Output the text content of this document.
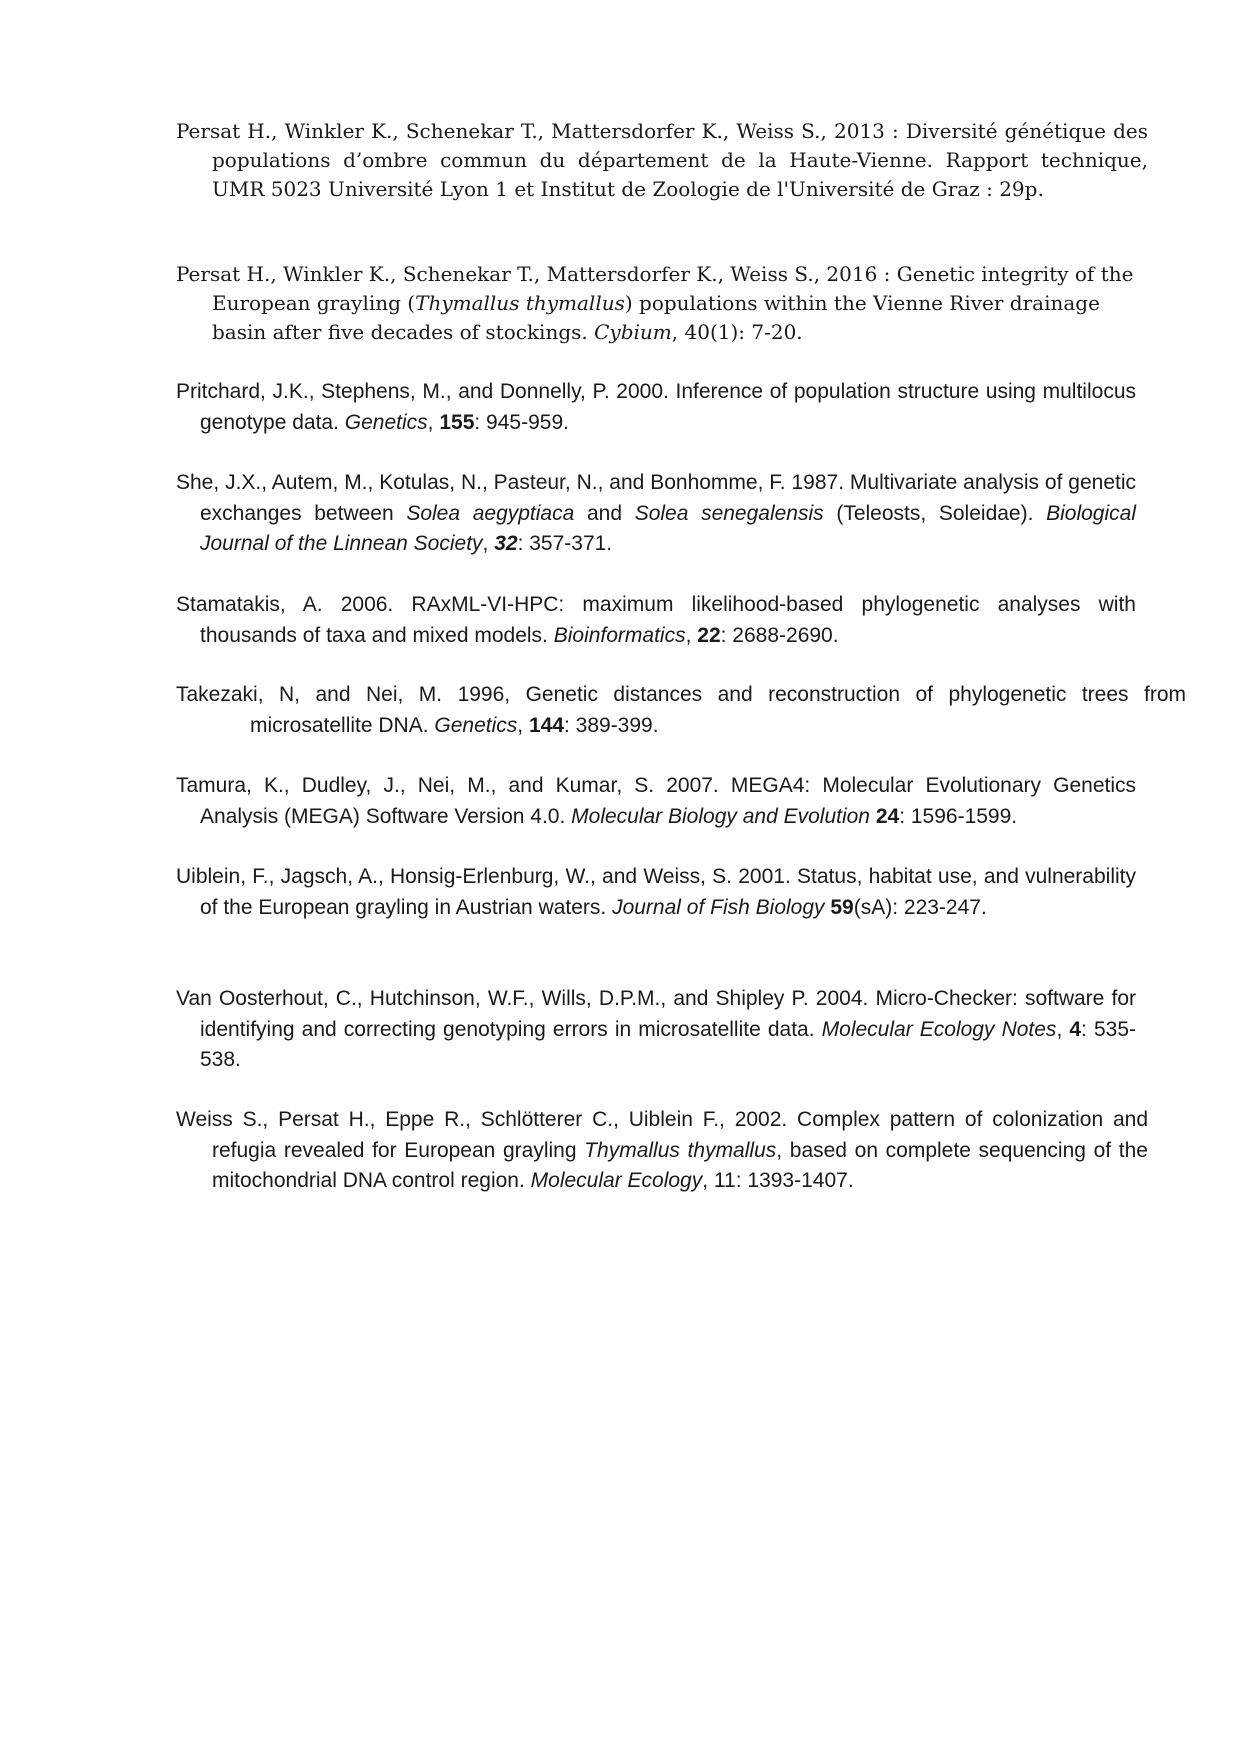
Persat H., Winkler K., Schenekar T., Mattersdorfer K., Weiss S., 2013 : Diversité génétique des populations d’ombre commun du département de la Haute-Vienne. Rapport technique, UMR 5023 Université Lyon 1 et Institut de Zoologie de l'Université de Graz : 29p.

Persat H., Winkler K., Schenekar T., Mattersdorfer K., Weiss S., 2016 : Genetic integrity of the European grayling (Thymallus thymallus) populations within the Vienne River drainage basin after five decades of stockings. Cybium, 40(1): 7-20.

Pritchard, J.K., Stephens, M., and Donnelly, P. 2000. Inference of population structure using multilocus genotype data. Genetics, 155: 945-959.

She, J.X., Autem, M., Kotulas, N., Pasteur, N., and Bonhomme, F. 1987. Multivariate analysis of genetic exchanges between Solea aegyptiaca and Solea senegalensis (Teleosts, Soleidae). Biological Journal of the Linnean Society, 32: 357-371.

Stamatakis, A. 2006. RAxML-VI-HPC: maximum likelihood-based phylogenetic analyses with thousands of taxa and mixed models. Bioinformatics, 22: 2688-2690.

Takezaki, N, and Nei, M. 1996, Genetic distances and reconstruction of phylogenetic trees from microsatellite DNA. Genetics, 144: 389-399.

Tamura, K., Dudley, J., Nei, M., and Kumar, S. 2007. MEGA4: Molecular Evolutionary Genetics Analysis (MEGA) Software Version 4.0. Molecular Biology and Evolution 24: 1596-1599.

Uiblein, F., Jagsch, A., Honsig-Erlenburg, W., and Weiss, S. 2001. Status, habitat use, and vulnerability of the European grayling in Austrian waters. Journal of Fish Biology 59(sA): 223-247.

Van Oosterhout, C., Hutchinson, W.F., Wills, D.P.M., and Shipley P. 2004. Micro-Checker: software for identifying and correcting genotyping errors in microsatellite data. Molecular Ecology Notes, 4: 535-538.

Weiss S., Persat H., Eppe R., Schlötterer C., Uiblein F., 2002. Complex pattern of colonization and refugia revealed for European grayling Thymallus thymallus, based on complete sequencing of the mitochondrial DNA control region. Molecular Ecology, 11: 1393-1407.
